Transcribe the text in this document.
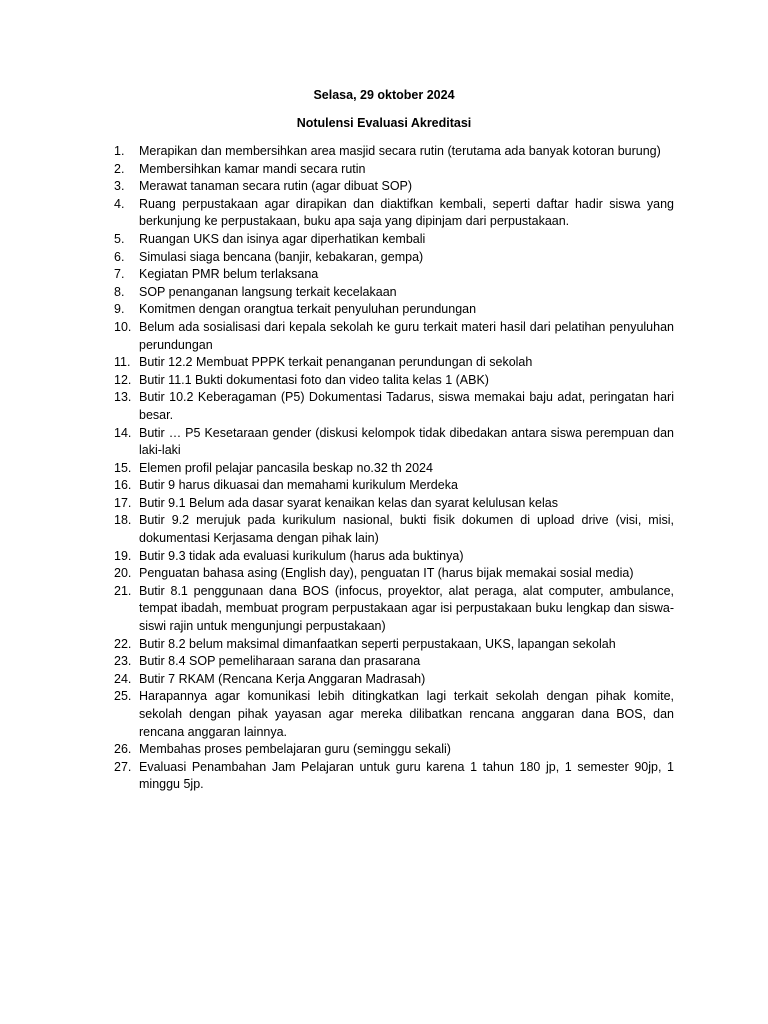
Selasa, 29 oktober 2024
Notulensi Evaluasi Akreditasi
1.	Merapikan dan membersihkan area masjid secara rutin (terutama ada banyak kotoran burung)
2.	Membersihkan kamar mandi secara rutin
3.	Merawat tanaman secara rutin (agar dibuat SOP)
4.	Ruang perpustakaan agar dirapikan dan diaktifkan kembali, seperti daftar hadir siswa yang berkunjung ke perpustakaan, buku apa saja yang dipinjam dari perpustakaan.
5.	Ruangan UKS dan isinya agar diperhatikan kembali
6.	Simulasi siaga bencana (banjir, kebakaran, gempa)
7.	Kegiatan PMR belum terlaksana
8.	SOP penanganan langsung terkait kecelakaan
9.	Komitmen dengan orangtua terkait penyuluhan perundungan
10. Belum ada sosialisasi dari kepala sekolah ke guru terkait materi hasil dari pelatihan penyuluhan perundungan
11. Butir 12.2 Membuat PPPK terkait penanganan perundungan di sekolah
12. Butir 11.1 Bukti dokumentasi foto dan video talita kelas 1 (ABK)
13. Butir 10.2 Keberagaman (P5) Dokumentasi Tadarus, siswa memakai baju adat, peringatan hari besar.
14. Butir … P5 Kesetaraan gender (diskusi kelompok tidak dibedakan antara siswa perempuan dan laki-laki
15. Elemen profil pelajar pancasila beskap no.32 th 2024
16. Butir 9 harus dikuasai dan memahami kurikulum Merdeka
17. Butir 9.1 Belum ada dasar syarat kenaikan kelas dan syarat kelulusan kelas
18. Butir 9.2 merujuk pada kurikulum nasional, bukti fisik dokumen di upload drive (visi, misi, dokumentasi Kerjasama dengan pihak lain)
19. Butir 9.3 tidak ada evaluasi kurikulum (harus ada buktinya)
20. Penguatan bahasa asing (English day), penguatan IT (harus bijak memakai sosial media)
21. Butir 8.1 penggunaan dana BOS (infocus, proyektor, alat peraga, alat computer, ambulance, tempat ibadah, membuat program perpustakaan agar isi perpustakaan buku lengkap dan siswa-siswi rajin untuk mengunjungi perpustakaan)
22. Butir 8.2 belum maksimal dimanfaatkan seperti perpustakaan, UKS, lapangan sekolah
23. Butir 8.4 SOP pemeliharaan sarana dan prasarana
24. Butir 7 RKAM (Rencana Kerja Anggaran Madrasah)
25. Harapannya agar komunikasi lebih ditingkatkan lagi terkait sekolah dengan pihak komite, sekolah dengan pihak yayasan agar mereka dilibatkan rencana anggaran dana BOS, dan rencana anggaran lainnya.
26. Membahas proses pembelajaran guru (seminggu sekali)
27. Evaluasi Penambahan Jam Pelajaran untuk guru karena 1 tahun 180 jp, 1 semester 90jp, 1 minggu 5jp.
